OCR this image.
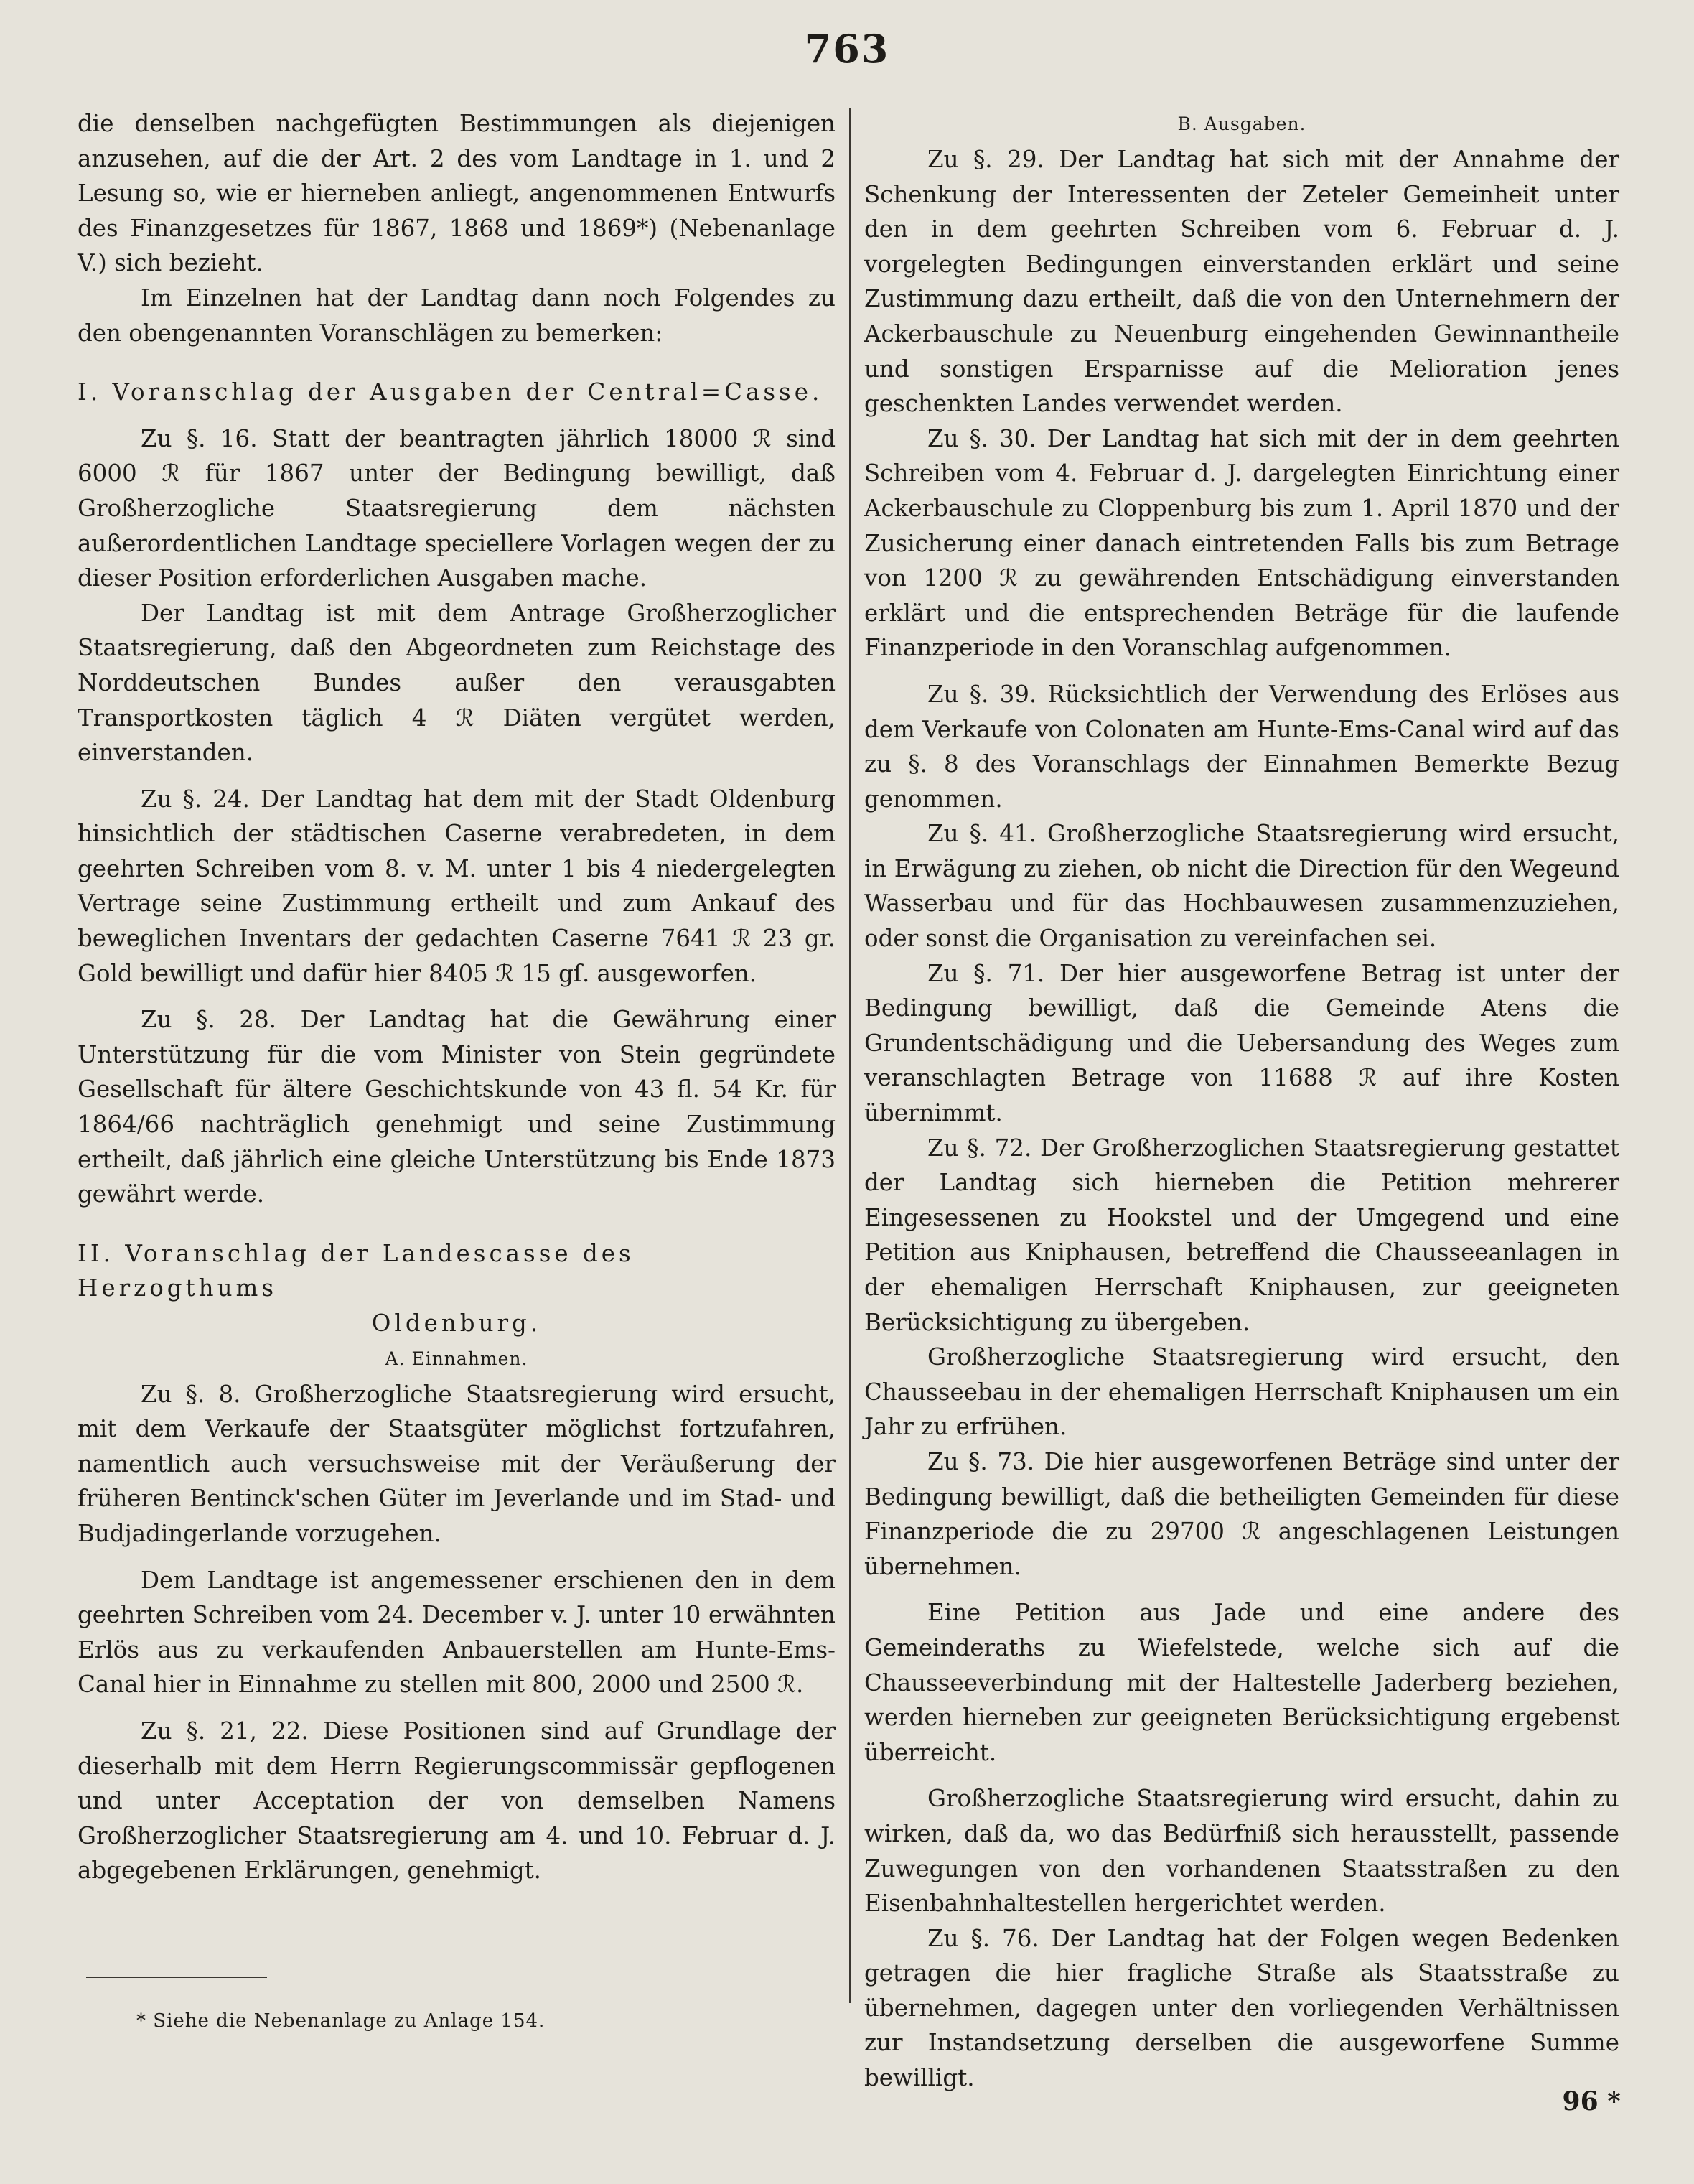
763

die denselben nachgefügten Bestimmungen als diejenigen anzusehen, auf die der Art. 2 des vom Landtage in 1. und 2 Lesung so, wie er hierneben anliegt, angenommenen Entwurfs des Finanzgesetzes für 1867, 1868 und 1869*) (Nebenanlage V.) sich bezieht.

Im Einzelnen hat der Landtag dann noch Folgendes zu den obengenannten Voranschlägen zu bemerken:

I. Voranschlag der Ausgaben der Central=Casse.

Zu §. 16. Statt der beantragten jährlich 18000 ℛ sind 6000 ℛ für 1867 unter der Bedingung bewilligt, daß Großherzogliche Staatsregierung dem nächsten außerordentlichen Landtage speciellere Vorlagen wegen der zu dieser Position erforderlichen Ausgaben mache.

Der Landtag ist mit dem Antrage Großherzoglicher Staatsregierung, daß den Abgeordneten zum Reichstage des Norddeutschen Bundes außer den verausgabten Transportkosten täglich 4 ℛ Diäten vergütet werden, einverstanden.

Zu §. 24. Der Landtag hat dem mit der Stadt Oldenburg hinsichtlich der städtischen Caserne verabredeten, in dem geehrten Schreiben vom 8. v. M. unter 1 bis 4 niedergelegten Vertrage seine Zustimmung ertheilt und zum Ankauf des beweglichen Inventars der gedachten Caserne 7641 ℛ 23 gr. Gold bewilligt und dafür hier 8405 ℛ 15 gſ. ausgeworfen.

Zu §. 28. Der Landtag hat die Gewährung einer Unterstützung für die vom Minister von Stein gegründete Gesellschaft für ältere Geschichtskunde von 43 fl. 54 Kr. für 1864/66 nachträglich genehmigt und seine Zustimmung ertheilt, daß jährlich eine gleiche Unterstützung bis Ende 1873 gewährt werde.

II. Voranschlag der Landescasse des Herzogthums

Oldenburg.

A. Einnahmen.

Zu §. 8. Großherzogliche Staatsregierung wird ersucht, mit dem Verkaufe der Staatsgüter möglichst fortzufahren, namentlich auch versuchsweise mit der Veräußerung der früheren Bentinck'schen Güter im Jeverlande und im Stad- und Budjadingerlande vorzugehen.

Dem Landtage ist angemessener erschienen den in dem geehrten Schreiben vom 24. December v. J. unter 10 erwähnten Erlös aus zu verkaufenden Anbauerstellen am Hunte-Ems-Canal hier in Einnahme zu stellen mit 800, 2000 und 2500 ℛ.

Zu §. 21, 22. Diese Positionen sind auf Grundlage der dieserhalb mit dem Herrn Regierungscommissär gepflogenen und unter Acceptation der von demselben Namens Großherzoglicher Staatsregierung am 4. und 10. Februar d. J. abgegebenen Erklärungen, genehmigt.

B. Ausgaben.

Zu §. 29. Der Landtag hat sich mit der Annahme der Schenkung der Interessenten der Zeteler Gemeinheit unter den in dem geehrten Schreiben vom 6. Februar d. J. vorgelegten Bedingungen einverstanden erklärt und seine Zustimmung dazu ertheilt, daß die von den Unternehmern der Ackerbauschule zu Neuenburg eingehenden Gewinnantheile und sonstigen Ersparnisse auf die Melioration jenes geschenkten Landes verwendet werden.

Zu §. 30. Der Landtag hat sich mit der in dem geehrten Schreiben vom 4. Februar d. J. dargelegten Einrichtung einer Ackerbauschule zu Cloppenburg bis zum 1. April 1870 und der Zusicherung einer danach eintretenden Falls bis zum Betrage von 1200 ℛ zu gewährenden Entschädigung einverstanden erklärt und die entsprechenden Beträge für die laufende Finanzperiode in den Voranschlag aufgenommen.

Zu §. 39. Rücksichtlich der Verwendung des Erlöses aus dem Verkaufe von Colonaten am Hunte-Ems-Canal wird auf das zu §. 8 des Voranschlags der Einnahmen Bemerkte Bezug genommen.

Zu §. 41. Großherzogliche Staatsregierung wird ersucht, in Erwägung zu ziehen, ob nicht die Direction für den Wegeund Wasserbau und für das Hochbauwesen zusammenzuziehen, oder sonst die Organisation zu vereinfachen sei.

Zu §. 71. Der hier ausgeworfene Betrag ist unter der Bedingung bewilligt, daß die Gemeinde Atens die Grundentschädigung und die Uebersandung des Weges zum veranschlagten Betrage von 11688 ℛ auf ihre Kosten übernimmt.

Zu §. 72. Der Großherzoglichen Staatsregierung gestattet der Landtag sich hierneben die Petition mehrerer Eingesessenen zu Hookstel und der Umgegend und eine Petition aus Kniphausen, betreffend die Chausseeanlagen in der ehemaligen Herrschaft Kniphausen, zur geeigneten Berücksichtigung zu übergeben.

Großherzogliche Staatsregierung wird ersucht, den Chausseebau in der ehemaligen Herrschaft Kniphausen um ein Jahr zu erfrühen.

Zu §. 73. Die hier ausgeworfenen Beträge sind unter der Bedingung bewilligt, daß die betheiligten Gemeinden für diese Finanzperiode die zu 29700 ℛ angeschlagenen Leistungen übernehmen.

Eine Petition aus Jade und eine andere des Gemeinderaths zu Wiefelstede, welche sich auf die Chausseeverbindung mit der Haltestelle Jaderberg beziehen, werden hierneben zur geeigneten Berücksichtigung ergebenst überreicht.

Großherzogliche Staatsregierung wird ersucht, dahin zu wirken, daß da, wo das Bedürfniß sich herausstellt, passende Zuwegungen von den vorhandenen Staatsstraßen zu den Eisenbahnhaltestellen hergerichtet werden.

Zu §. 76. Der Landtag hat der Folgen wegen Bedenken getragen die hier fragliche Straße als Staatsstraße zu übernehmen, dagegen unter den vorliegenden Verhältnissen zur Instandsetzung derselben die ausgeworfene Summe bewilligt.

* Siehe die Nebenanlage zu Anlage 154.
96 *
